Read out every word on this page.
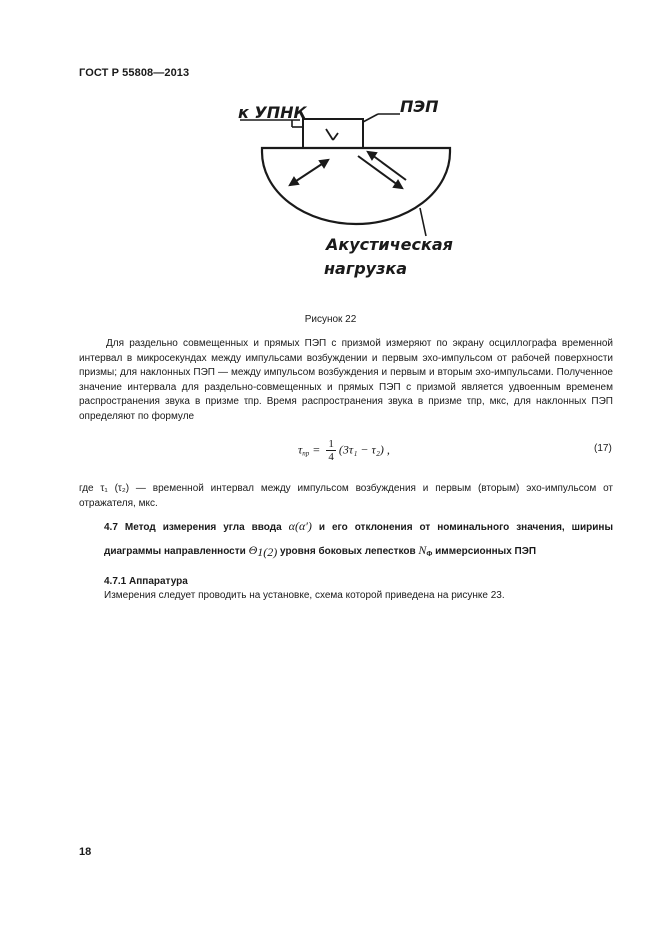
ГОСТ Р 55808—2013
к УПНК	ПЭП
Акустическая
нагрузка
Рисунок 22
Для раздельно совмещенных и прямых ПЭП с призмой измеряют по экрану осциллографа временной интервал в микросекундах между импульсами возбуждении и первым эхо-импульсом от рабочей поверхности призмы; для наклонных ПЭП — между импульсом возбуждения и первым и вторым эхо-импульсами. Полученное значение интервала для раздельно-совмещенных и прямых ПЭП с призмой является удвоенным временем распространения звука в призме τпр. Время распространения звука в призме τпр, мкс, для наклонных ПЭП определяют по формуле
$\tau_{пр} = \frac{1}{4} (3\tau_1 - \tau_2)$ ,	(17)
где τ₁ (τ₂) — временной интервал между импульсом возбуждения и первым (вторым) эхо-импульсом от отражателя, мкс.
4.7 Метод измерения угла ввода α(α′) и его отклонения от номинального значения, ширины диаграммы направленности $\Theta_{1(2)}$ уровня боковых лепестков $N_Ф$ иммерсионных ПЭП
4.7.1 Аппаратура
Измерения следует проводить на установке, схема которой приведена на рисунке 23.
18
